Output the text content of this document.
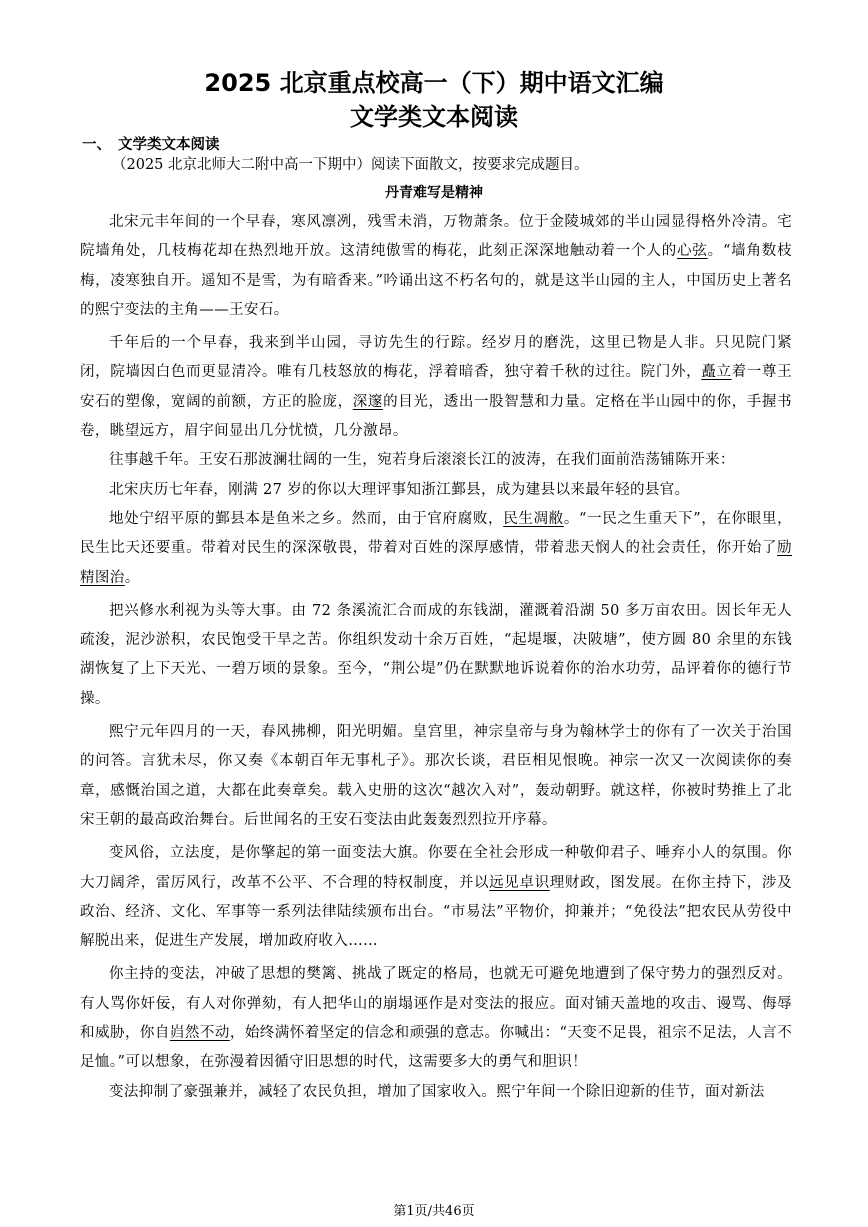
2025 北京重点校高一（下）期中语文汇编
文学类文本阅读
一、 文学类文本阅读
（2025 北京北师大二附中高一下期中）阅读下面散文，按要求完成题目。
丹青难写是精神

北宋元丰年间的一个早春，寒风凛冽，残雪未消，万物萧条。位于金陵城郊的半山园显得格外冷清。宅院墙角处，几枝梅花却在热烈地开放。这清纯傲雪的梅花，此刻正深深地触动着一个人的心弦。“墙角数枝梅，凌寒独自开。遥知不是雪，为有暗香来。”吟诵出这不朽名句的，就是这半山园的主人，中国历史上著名的熙宁变法的主角——王安石。

千年后的一个早春，我来到半山园，寻访先生的行踪。经岁月的磨洗，这里已物是人非。只见院门紧闭，院墙因白色而更显清冷。唯有几枝怒放的梅花，浮着暗香，独守着千秋的过往。院门外，矗立着一尊王安石的塑像，宽阔的前额，方正的脸庞，深邃的目光，透出一股智慧和力量。定格在半山园中的你，手握书卷，眺望远方，眉宇间显出几分忧愤，几分激昂。

往事越千年。王安石那波澜壮阔的一生，宛若身后滚滚长江的波涛，在我们面前浩荡铺陈开来：

北宋庆历七年春，刚满 27 岁的你以大理评事知浙江鄞县，成为建县以来最年轻的县官。

地处宁绍平原的鄞县本是鱼米之乡。然而，由于官府腐败，民生凋敝。“一民之生重天下”，在你眼里，民生比天还要重。带着对民生的深深敬畏，带着对百姓的深厚感情，带着悲天悯人的社会责任，你开始了励精图治。

把兴修水利视为头等大事。由 72 条溪流汇合而成的东钱湖，灌溉着沿湖 50 多万亩农田。因长年无人疏浚，泥沙淤积，农民饱受干旱之苦。你组织发动十余万百姓，“起堤堰，决陂塘”，使方圆 80 余里的东钱湖恢复了上下天光、一碧万顷的景象。至今，“荆公堤”仍在默默地诉说着你的治水功劳，品评着你的德行节操。

熙宁元年四月的一天，春风拂柳，阳光明媚。皇宫里，神宗皇帝与身为翰林学士的你有了一次关于治国的问答。言犹未尽，你又奏《本朝百年无事札子》。那次长谈，君臣相见恨晚。神宗一次又一次阅读你的奏章，感慨治国之道，大都在此奏章矣。载入史册的这次“越次入对”，轰动朝野。就这样，你被时势推上了北宋王朝的最高政治舞台。后世闻名的王安石变法由此轰轰烈烈拉开序幕。

变风俗，立法度，是你擎起的第一面变法大旗。你要在全社会形成一种敬仰君子、唾弃小人的氛围。你大刀阔斧，雷厉风行，改革不公平、不合理的特权制度，并以远见卓识理财政，图发展。在你主持下，涉及政治、经济、文化、军事等一系列法律陆续颁布出台。“市易法”平物价，抑兼并；“免役法”把农民从劳役中解脱出来，促进生产发展，增加政府收入……

你主持的变法，冲破了思想的樊篱、挑战了既定的格局，也就无可避免地遭到了保守势力的强烈反对。有人骂你奸佞，有人对你弹劾，有人把华山的崩塌诬作是对变法的报应。面对铺天盖地的攻击、谩骂、侮辱和威胁，你自岿然不动，始终满怀着坚定的信念和顽强的意志。你喊出：“天变不足畏，祖宗不足法，人言不足恤。”可以想象，在弥漫着因循守旧思想的时代，这需要多大的勇气和胆识！

变法抑制了豪强兼并，减轻了农民负担，增加了国家收入。熙宁年间一个除旧迎新的佳节，面对新法

第1页/共46页
